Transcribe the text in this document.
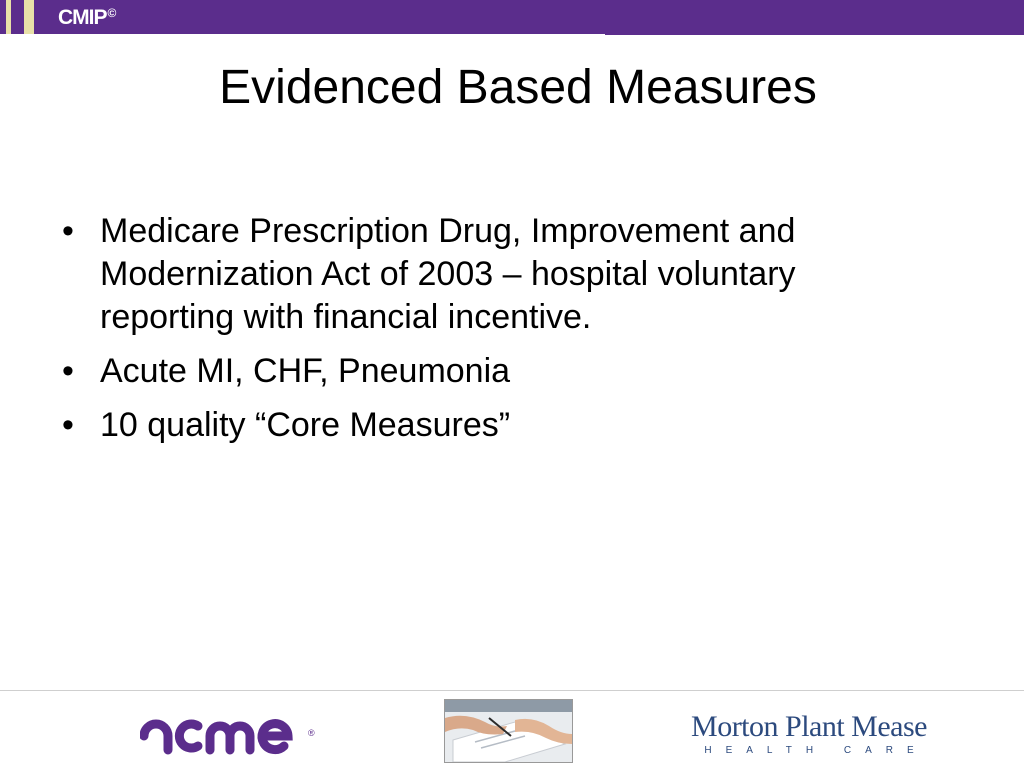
CMIP©
Evidenced Based Measures
• Medicare Prescription Drug, Improvement and Modernization Act of 2003 – hospital voluntary reporting with financial incentive.
• Acute MI, CHF, Pneumonia
• 10 quality “Core Measures”
®	Morton Plant Mease
HEALTH CARE
